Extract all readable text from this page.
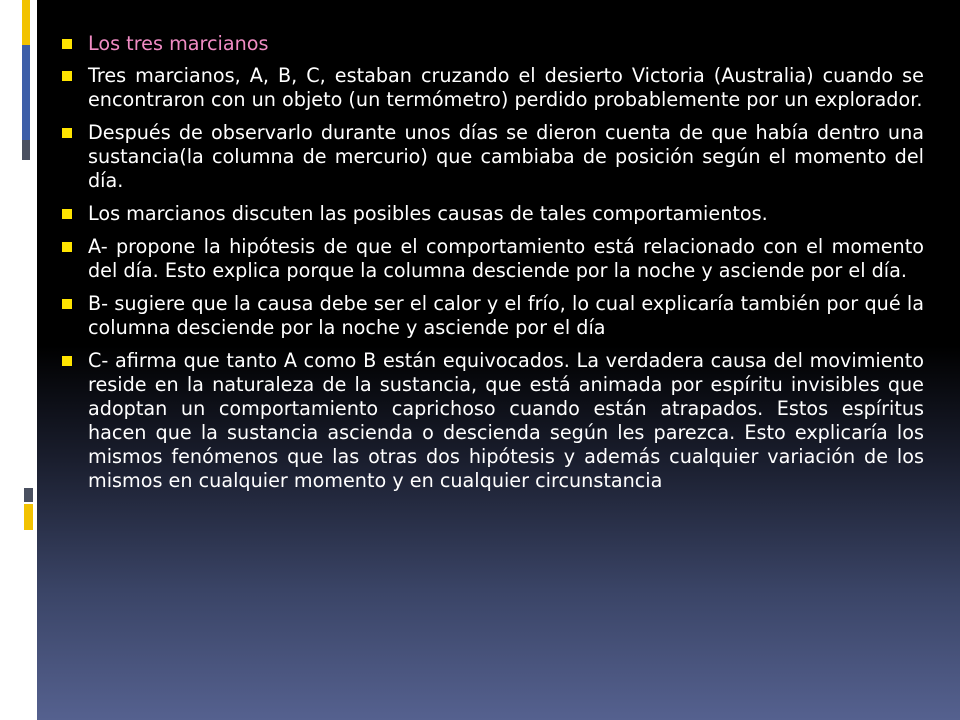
Los tres marcianos
Tres marcianos, A, B, C, estaban cruzando el desierto Victoria (Australia) cuando se encontraron con un objeto (un termómetro) perdido probablemente por un explorador.
Después de observarlo durante unos días se dieron cuenta de que había dentro una sustancia(la columna de mercurio) que cambiaba de posición según el momento del día.
Los marcianos discuten las posibles causas de tales comportamientos.
A- propone la hipótesis de que el comportamiento está relacionado con el momento del día. Esto explica porque la columna desciende por la noche y asciende por el día.
B- sugiere que la causa debe ser el calor y el frío, lo cual explicaría también por qué la columna desciende por la noche y asciende por el día
C- afirma que tanto A como B están equivocados. La verdadera causa del movimiento reside en la naturaleza de la sustancia, que está animada por espíritu invisibles que adoptan un comportamiento caprichoso cuando están atrapados. Estos espíritus hacen que la sustancia ascienda o descienda según les parezca. Esto explicaría los mismos fenómenos que las otras dos hipótesis y además cualquier variación de los mismos en cualquier momento y en cualquier circunstancia
